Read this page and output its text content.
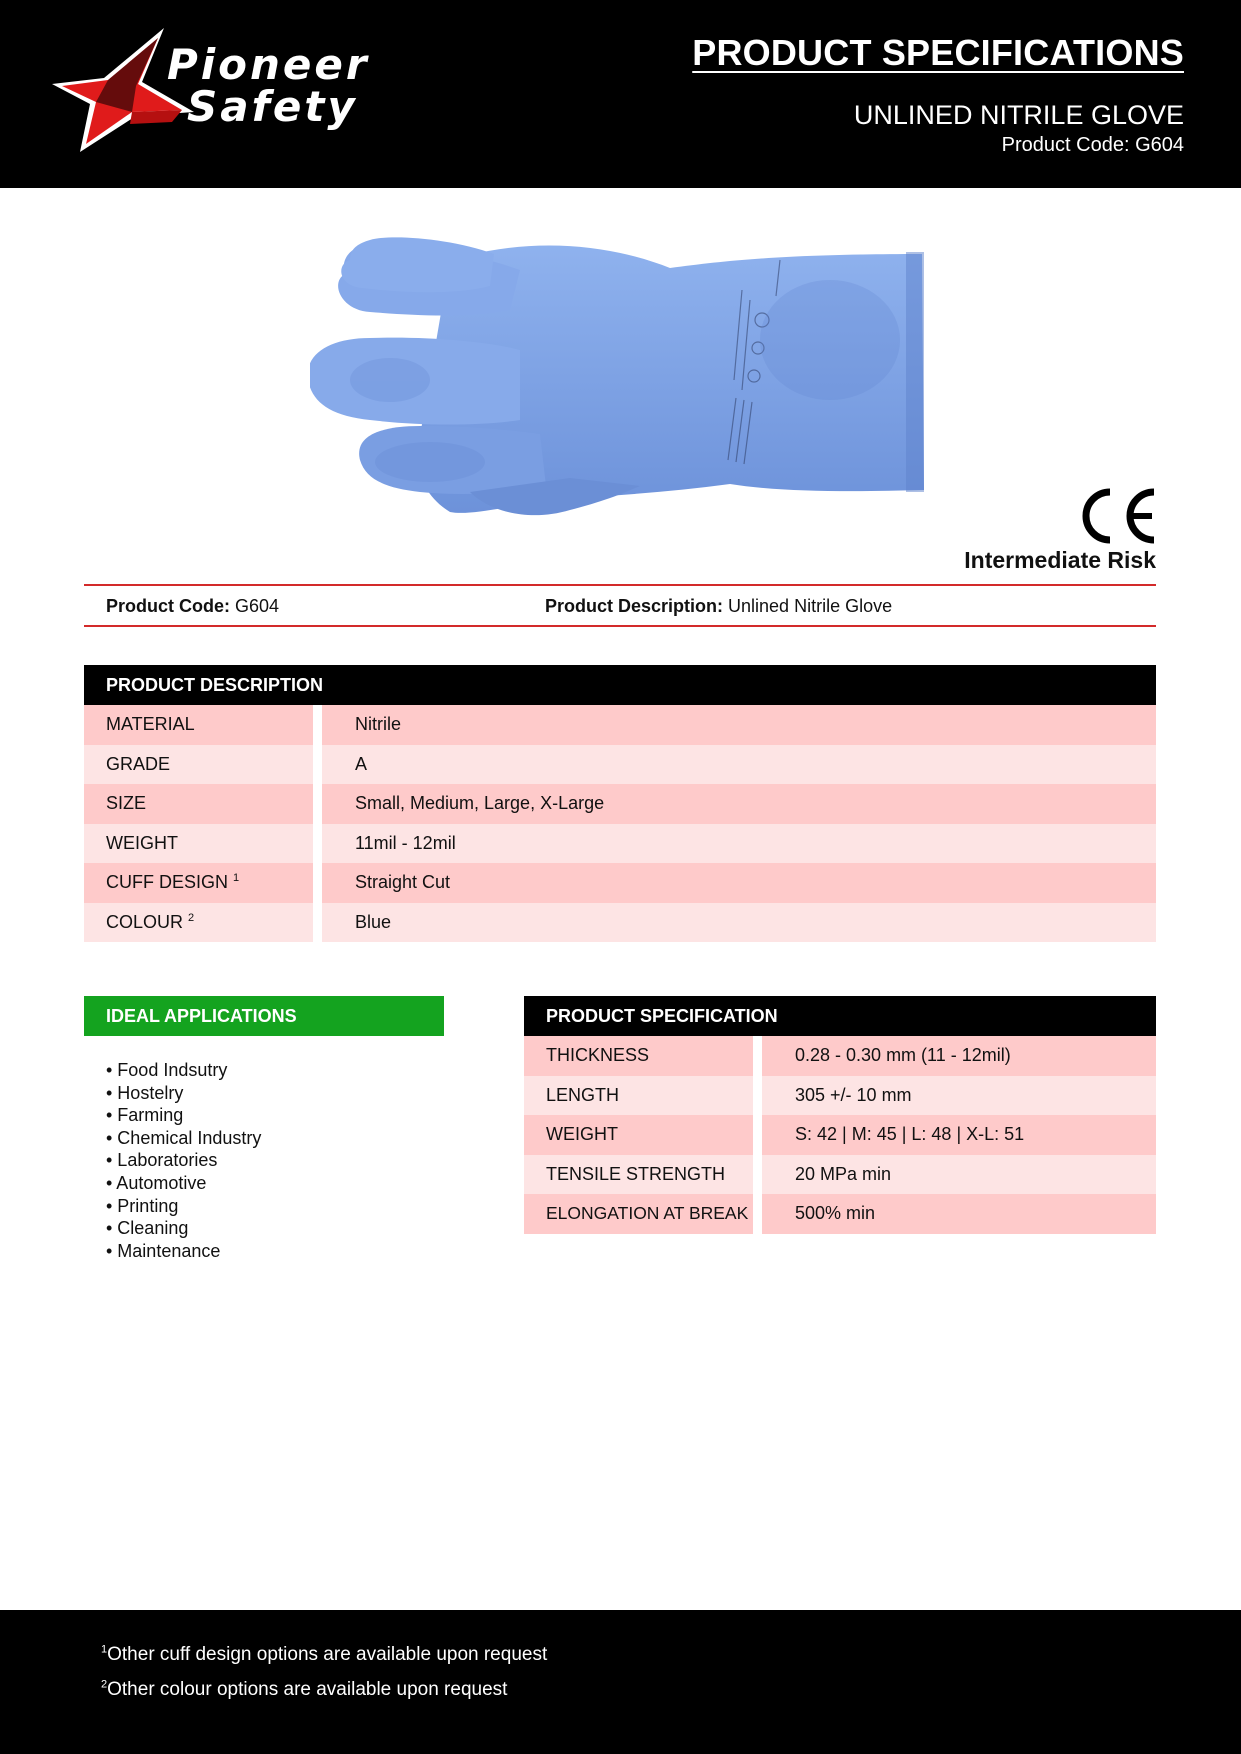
Pioneer
Safety
PRODUCT SPECIFICATIONS
UNLINED NITRILE GLOVE
Product Code: G604
Intermediate Risk
Product Code: G604	Product Description: Unlined Nitrile Glove
PRODUCT DESCRIPTION
MATERIAL	Nitrile
GRADE	A
SIZE	Small, Medium, Large, X-Large
WEIGHT	11mil - 12mil
CUFF DESIGN $^1$	Straight Cut
COLOUR $^2$	Blue
IDEAL APPLICATIONS
• Food Indsutry
• Hostelry
• Farming
• Chemical Industry
• Laboratories
• Automotive
• Printing
• Cleaning
• Maintenance
PRODUCT SPECIFICATION
THICKNESS	0.28 - 0.30 mm (11 - 12mil)
LENGTH	305 +/- 10 mm
WEIGHT	S: 42 | M: 45 | L: 48 | X-L: 51
TENSILE STRENGTH	20 MPa min
ELONGATION AT BREAK	500% min
$^1$Other cuff design options are available upon request
$^2$Other colour options are available upon request
